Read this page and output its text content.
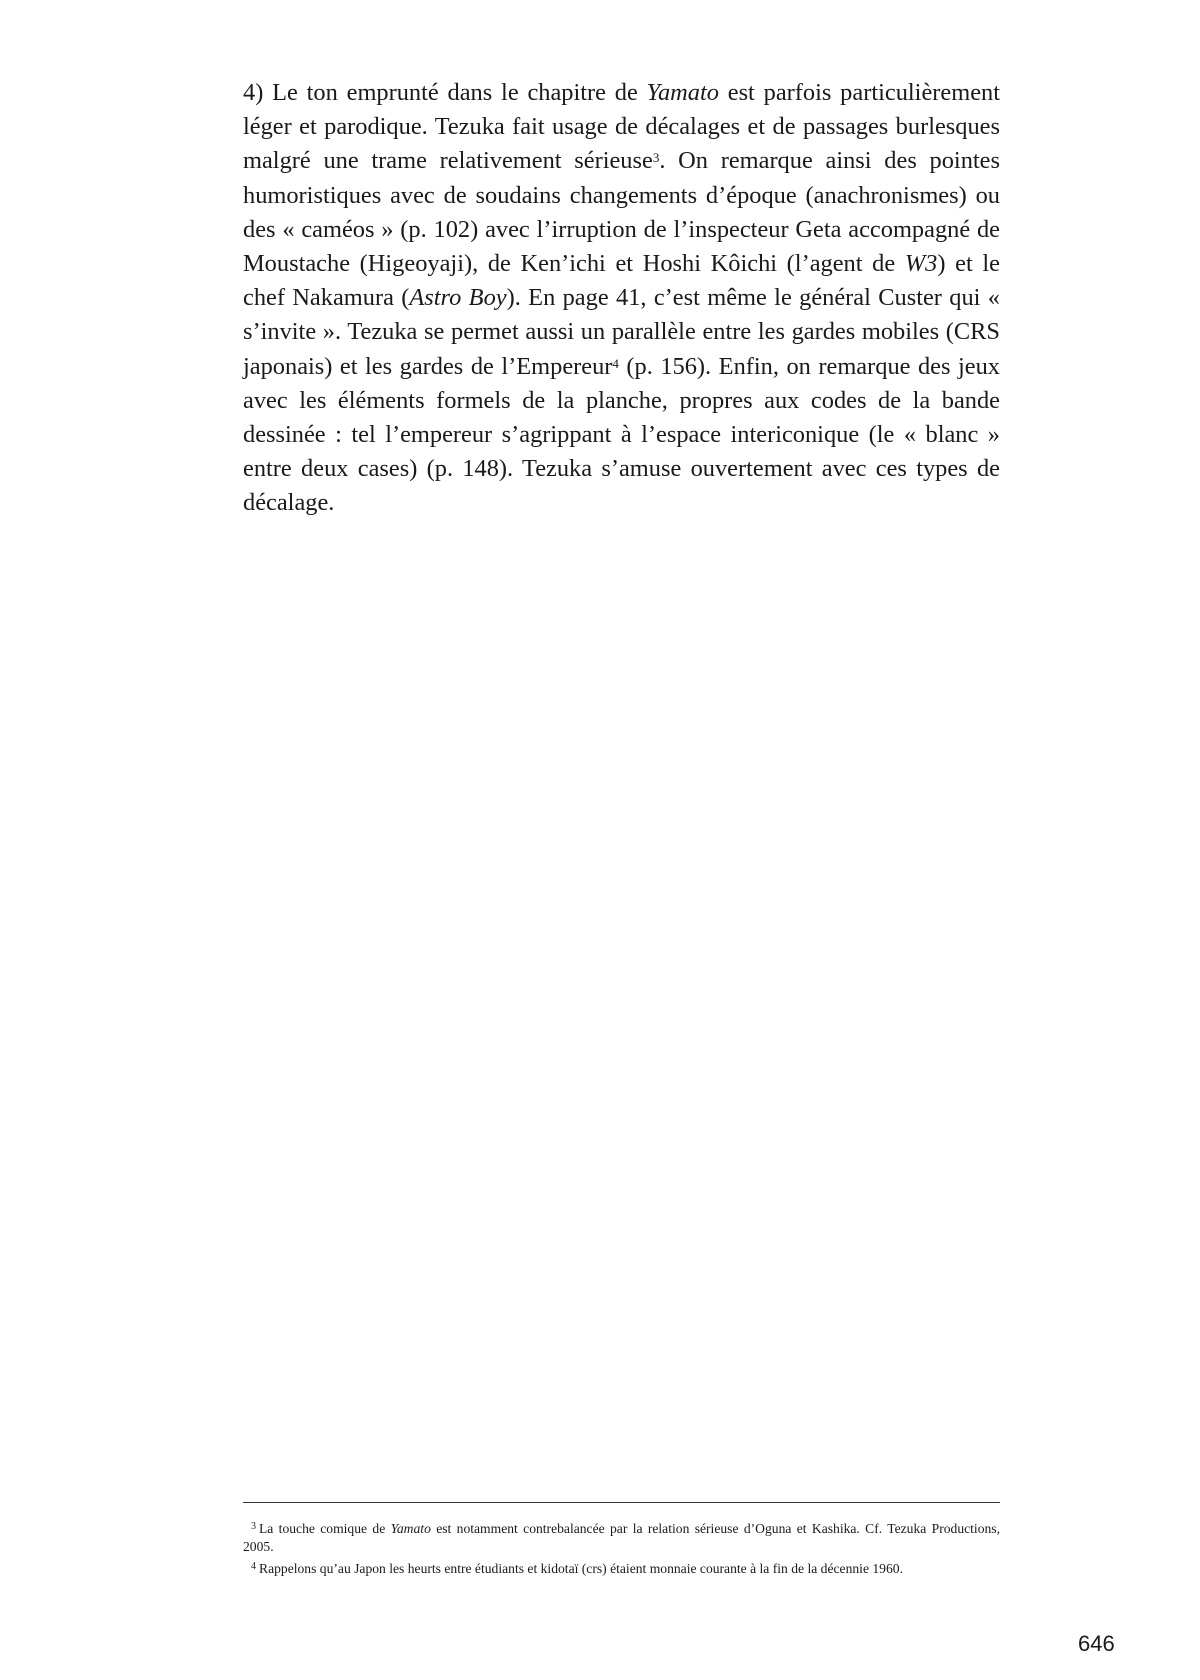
4) Le ton emprunté dans le chapitre de Yamato est parfois particulièrement léger et parodique. Tezuka fait usage de décalages et de passages burlesques malgré une trame relativement sérieuse$^3$. On remarque ainsi des pointes humoristiques avec de soudains changements d’époque (anachronismes) ou des « caméos » (p. 102) avec l’irruption de l’inspecteur Geta accompagné de Moustache (Higeoyaji), de Ken’ichi et Hoshi Kôichi (l’agent de W3) et le chef Nakamura (Astro Boy). En page 41, c’est même le général Custer qui « s’invite ». Tezuka se permet aussi un parallèle entre les gardes mobiles (CRS japonais) et les gardes de l’Empereur$^4$ (p. 156). Enfin, on remarque des jeux avec les éléments formels de la planche, propres aux codes de la bande dessinée : tel l’empereur s’agrippant à l’espace intericonique (le « blanc » entre deux cases) (p. 148). Tezuka s’amuse ouvertement avec ces types de décalage.

$^3$ La touche comique de Yamato est notamment contrebalancée par la relation sérieuse d’Oguna et Kashika. Cf. Tezuka Productions, 2005.

$^4$ Rappelons qu’au Japon les heurts entre étudiants et kidotaï (crs) étaient monnaie courante à la fin de la décennie 1960.

646
